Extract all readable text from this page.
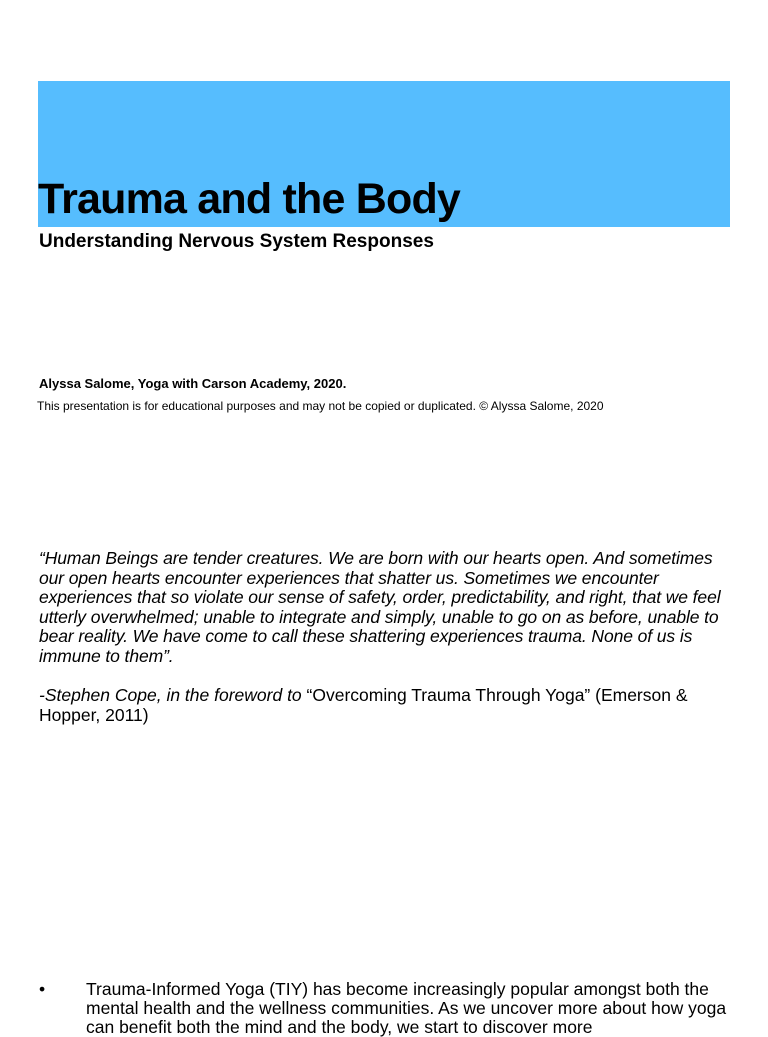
Trauma and the Body
Understanding Nervous System Responses

Alyssa Salome, Yoga with Carson Academy, 2020.

This presentation is for educational purposes and may not be copied or duplicated. © Alyssa Salome, 2020

“Human Beings are tender creatures. We are born with our hearts open. And sometimes our open hearts encounter experiences that shatter us. Sometimes we encounter experiences that so violate our sense of safety, order, predictability, and right, that we feel utterly overwhelmed; unable to integrate and simply, unable to go on as before, unable to bear reality. We have come to call these shattering experiences trauma. None of us is immune to them”.

-Stephen Cope, in the foreword to “Overcoming Trauma Through Yoga” (Emerson & Hopper, 2011)

• Trauma-Informed Yoga (TIY) has become increasingly popular amongst both the mental health and the wellness communities. As we uncover more about how yoga can benefit both the mind and the body, we start to discover more
